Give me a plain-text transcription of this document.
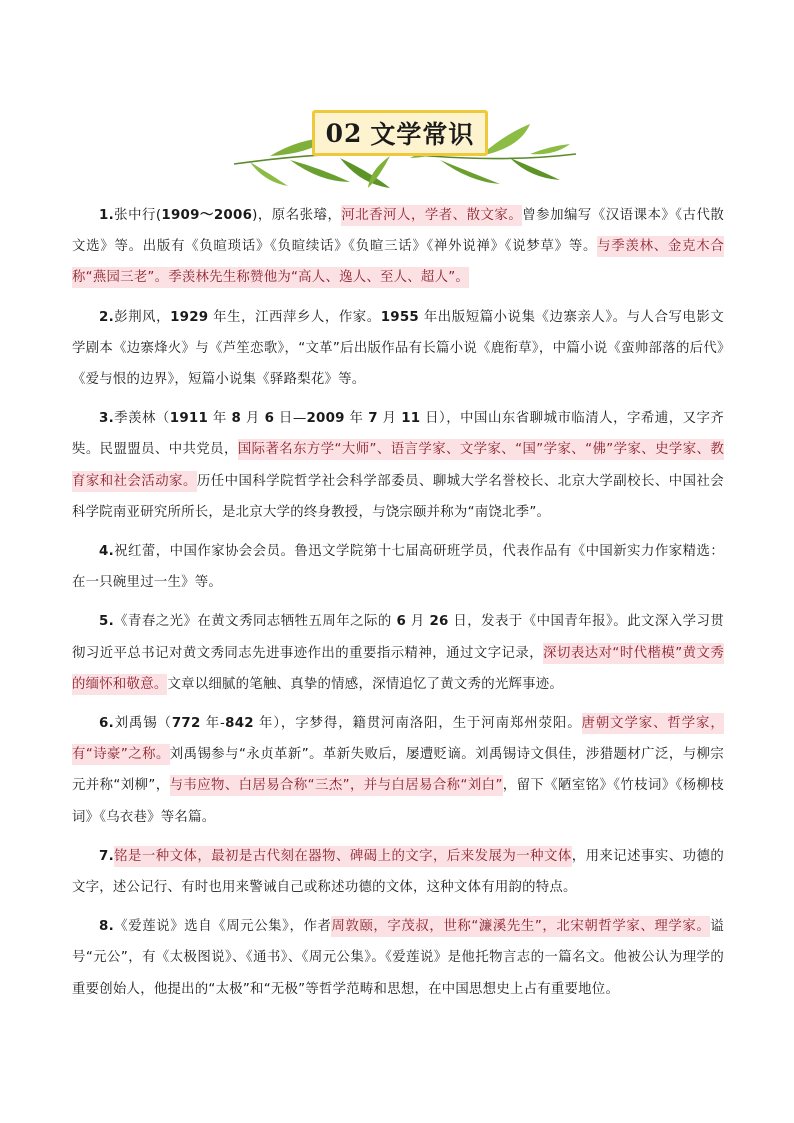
02 文学常识

1.张中行(1909～2006)，原名张璿，河北香河人，学者、散文家。曾参加编写《汉语课本》《古代散文选》等。出版有《负暄琐话》《负暄续话》《负暄三话》《禅外说禅》《说梦草》等。与季羡林、金克木合称“燕园三老”。季羡林先生称赞他为“高人、逸人、至人、超人”。

2.彭荆风，1929 年生，江西萍乡人，作家。1955 年出版短篇小说集《边寨亲人》。与人合写电影文学剧本《边寨烽火》与《芦笙恋歌》，“文革”后出版作品有长篇小说《鹿衔草》，中篇小说《蛮帅部落的后代》《爱与恨的边界》，短篇小说集《驿路梨花》等。

3.季羡林（1911 年 8 月 6 日—2009 年 7 月 11 日），中国山东省聊城市临清人，字希逋，又字齐奘。民盟盟员、中共党员，国际著名东方学“大师”、语言学家、文学家、“国”学家、“佛”学家、史学家、教育家和社会活动家。历任中国科学院哲学社会科学部委员、聊城大学名誉校长、北京大学副校长、中国社会科学院南亚研究所所长，是北京大学的终身教授，与饶宗颐并称为“南饶北季”。

4.祝红蕾，中国作家协会会员。鲁迅文学院第十七届高研班学员，代表作品有《中国新实力作家精选：在一只碗里过一生》等。

5.《青春之光》在黄文秀同志牺牲五周年之际的 6 月 26 日，发表于《中国青年报》。此文深入学习贯彻习近平总书记对黄文秀同志先进事迹作出的重要指示精神，通过文字记录，深切表达对“时代楷模”黄文秀的缅怀和敬意。文章以细腻的笔触、真挚的情感，深情追忆了黄文秀的光辉事迹。

6.刘禹锡（772 年-842 年），字梦得，籍贯河南洛阳，生于河南郑州荥阳。唐朝文学家、哲学家，有“诗豪”之称。刘禹锡参与“永贞革新”。革新失败后，屡遭贬谪。刘禹锡诗文俱佳，涉猎题材广泛，与柳宗元并称“刘柳”，与韦应物、白居易合称“三杰”，并与白居易合称“刘白”，留下《陋室铭》《竹枝词》《杨柳枝词》《乌衣巷》等名篇。

7.铭是一种文体，最初是古代刻在器物、碑碣上的文字，后来发展为一种文体，用来记述事实、功德的文字，述公记行、有时也用来警诫自己或称述功德的文体，这种文体有用韵的特点。

8.《爱莲说》选自《周元公集》，作者周敦颐，字茂叔，世称“濂溪先生”，北宋朝哲学家、理学家。谥号“元公”，有《太极图说》、《通书》、《周元公集》。《爱莲说》是他托物言志的一篇名文。他被公认为理学的重要创始人，他提出的“太极”和“无极”等哲学范畴和思想，在中国思想史上占有重要地位。
